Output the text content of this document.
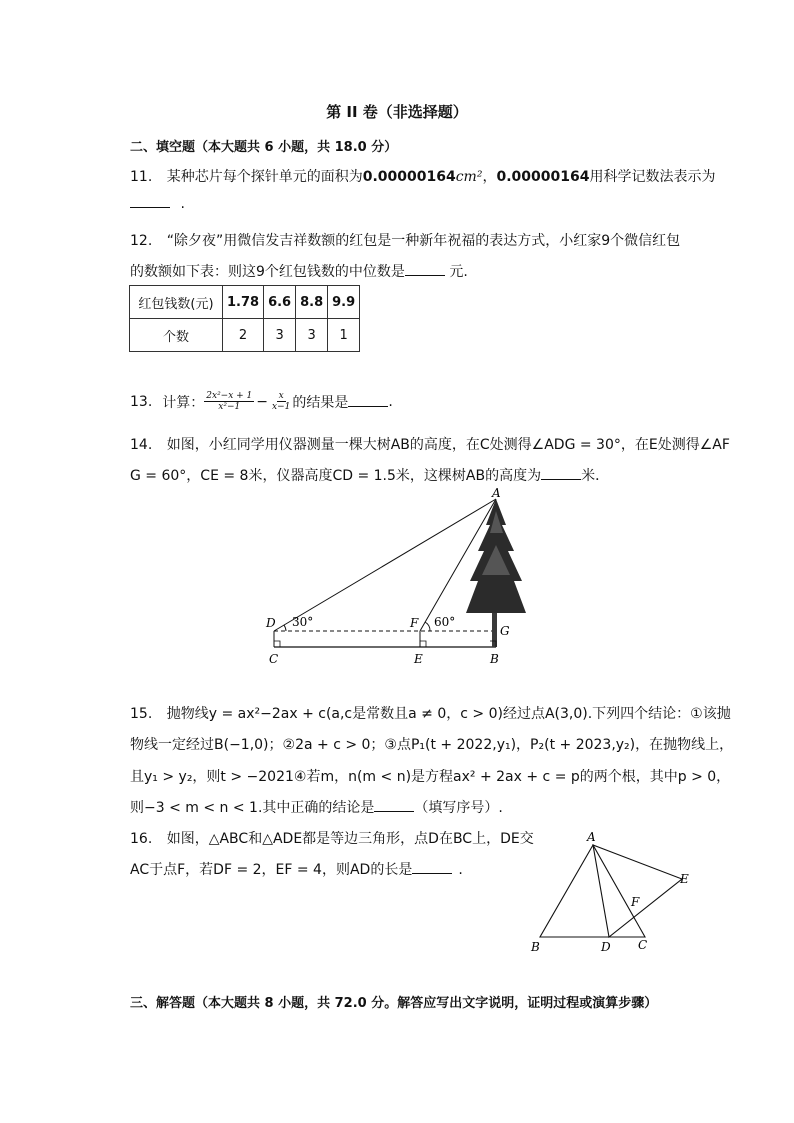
第 II 卷（非选择题）
二、填空题（本大题共 6 小题，共 18.0 分）
11. 某种芯片每个探针单元的面积为0.00000164cm²，0.00000164用科学记数法表示为
.
12. “除夕夜”用微信发吉祥数额的红包是一种新年祝福的表达方式，小红家9个微信红包
的数额如下表：则这9个红包钱数的中位数是	元.
红包钱数(元)	1.78	6.6	8.8	9.9
个数	2	3	3	1
13. 计算： $\frac{\text{2x²−x + 1}}{\text{x²−1}} - \frac{x}{x-1}$ 的结果是	.
14. 如图，小红同学用仪器测量一棵大树AB的高度，在C处测得∠ADG = 30°，在E处测得∠AF
G = 60°，CE = 8米，仪器高度CD = 1.5米，这棵树AB的高度为	米．
A
B
C
D
E
F
G
30°	60°
15. 抛物线y = ax²−2ax + c(a,c是常数且a ≠ 0，c > 0)经过点A(3,0).下列四个结论：①该抛
物线一定经过B(−1,0)；②2a + c > 0；③点P₁(t + 2022,y₁)，P₂(t + 2023,y₂)，在抛物线上，
且y₁ > y₂，则t > −2021④若m，n(m < n)是方程ax² + 2ax + c = p的两个根，其中p > 0，
则−3 < m < n < 1.其中正确的结论是	（填写序号）.
16. 如图，△ABC和△ADE都是等边三角形，点D在BC上，DE交
AC于点F，若DF = 2，EF = 4，则AD的长是	.
A
B	C
D
E
F
三、解答题（本大题共 8 小题，共 72.0 分。解答应写出文字说明，证明过程或演算步骤）
